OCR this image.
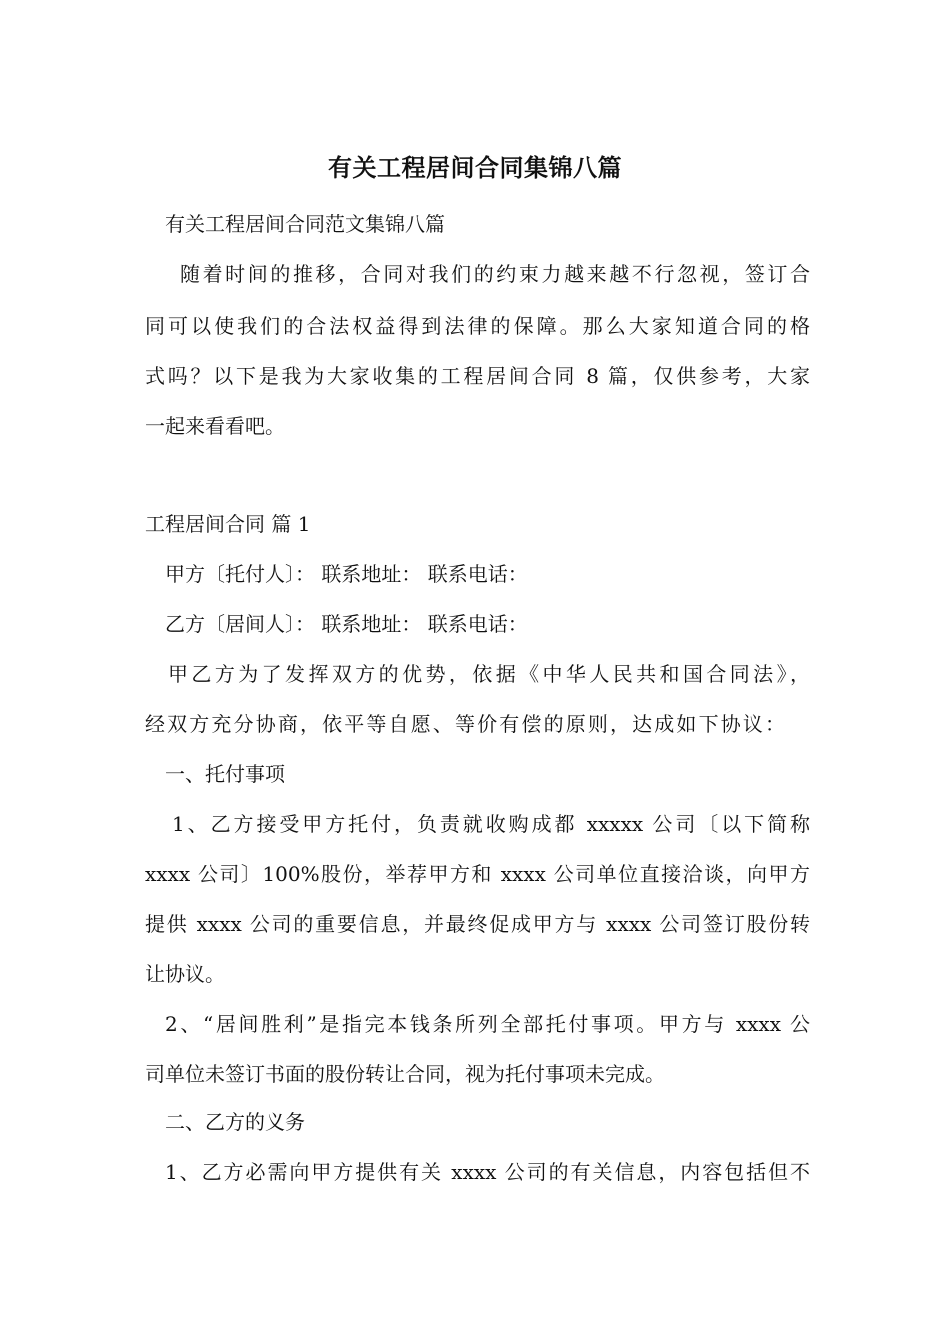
有关工程居间合同集锦八篇
有关工程居间合同范文集锦八篇
随着时间的推移，合同对我们的约束力越来越不行忽视，签订合
同可以使我们的合法权益得到法律的保障。那么大家知道合同的格
式吗？以下是我为大家收集的工程居间合同 8 篇，仅供参考，大家
一起来看看吧。
工程居间合同 篇 1
甲方〔托付人〕： 联系地址： 联系电话：
乙方〔居间人〕： 联系地址： 联系电话：
甲乙方为了发挥双方的优势，依据《中华人民共和国合同法》，
经双方充分协商，依平等自愿、等价有偿的原则，达成如下协议：
一、托付事项
1、乙方接受甲方托付，负责就收购成都 xxxxx 公司〔以下简称
xxxx 公司〕100%股份，举荐甲方和 xxxx 公司单位直接洽谈，向甲方
提供 xxxx 公司的重要信息，并最终促成甲方与 xxxx 公司签订股份转
让协议。
2、“居间胜利”是指完本钱条所列全部托付事项。甲方与 xxxx 公
司单位未签订书面的股份转让合同，视为托付事项未完成。
二、乙方的义务
1、乙方必需向甲方提供有关 xxxx 公司的有关信息，内容包括但不
